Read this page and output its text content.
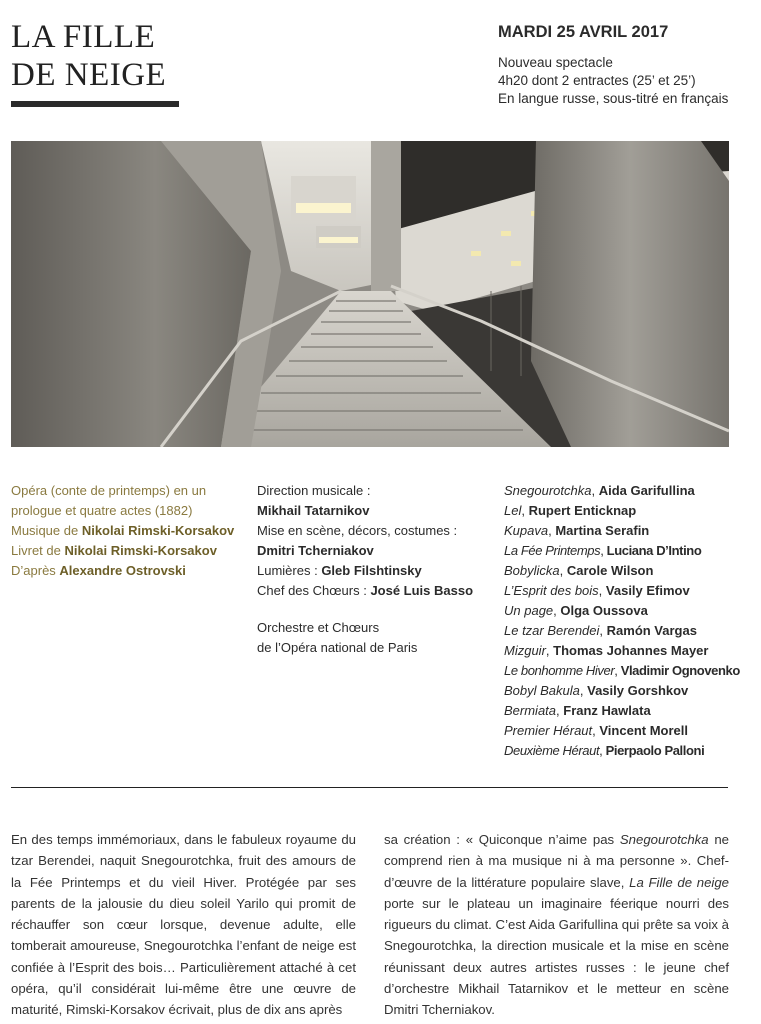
LA FILLE
DE NEIGE
MARDI 25 AVRIL 2017
Nouveau spectacle
4h20 dont 2 entractes (25’ et 25’)
En langue russe, sous-titré en français
Opéra (conte de printemps) en un
prologue et quatre actes (1882)
Musique de Nikolai Rimski-Korsakov
Livret de Nikolai Rimski-Korsakov
D’après Alexandre Ostrovski
Direction musicale :
Mikhail Tatarnikov
Mise en scène, décors, costumes :
Dmitri Tcherniakov
Lumières : Gleb Filshtinsky
Chef des Chœurs : José Luis Basso
Orchestre et Chœurs
de l’Opéra national de Paris
Snegourotchka, Aida Garifullina
Lel, Rupert Enticknap
Kupava, Martina Serafin
La Fée Printemps, Luciana D’Intino
Bobylicka, Carole Wilson
L’Esprit des bois, Vasily Efimov
Un page, Olga Oussova
Le tzar Berendei, Ramón Vargas
Mizguir, Thomas Johannes Mayer
Le bonhomme Hiver, Vladimir Ognovenko
Bobyl Bakula, Vasily Gorshkov
Bermiata, Franz Hawlata
Premier Héraut, Vincent Morell
Deuxième Héraut, Pierpaolo Palloni

En des temps immémoriaux, dans le fabuleux royaume du tzar Berendei, naquit Snegourotchka, fruit des amours de la Fée Printemps et du vieil Hiver. Protégée par ses parents de la jalousie du dieu soleil Yarilo qui promit de réchauffer son cœur lorsque, devenue adulte, elle tomberait amoureuse, Snegourotchka l’enfant de neige est confiée à l’Esprit des bois… Particulièrement attaché à cet opéra, qu’il considérait lui-même être une œuvre de maturité, Rimski-Korsakov écrivait, plus de dix ans après

sa création : « Quiconque n’aime pas Snegourotchka ne comprend rien à ma musique ni à ma personne ». Chef-d’œuvre de la littérature populaire slave, La Fille de neige porte sur le plateau un imaginaire féerique nourri des rigueurs du climat. C’est Aida Garifullina qui prête sa voix à Snegourotchka, la direction musicale et la mise en scène réunissant deux autres artistes russes : le jeune chef d’orchestre Mikhail Tatarnikov et le metteur en scène Dmitri Tcherniakov.
